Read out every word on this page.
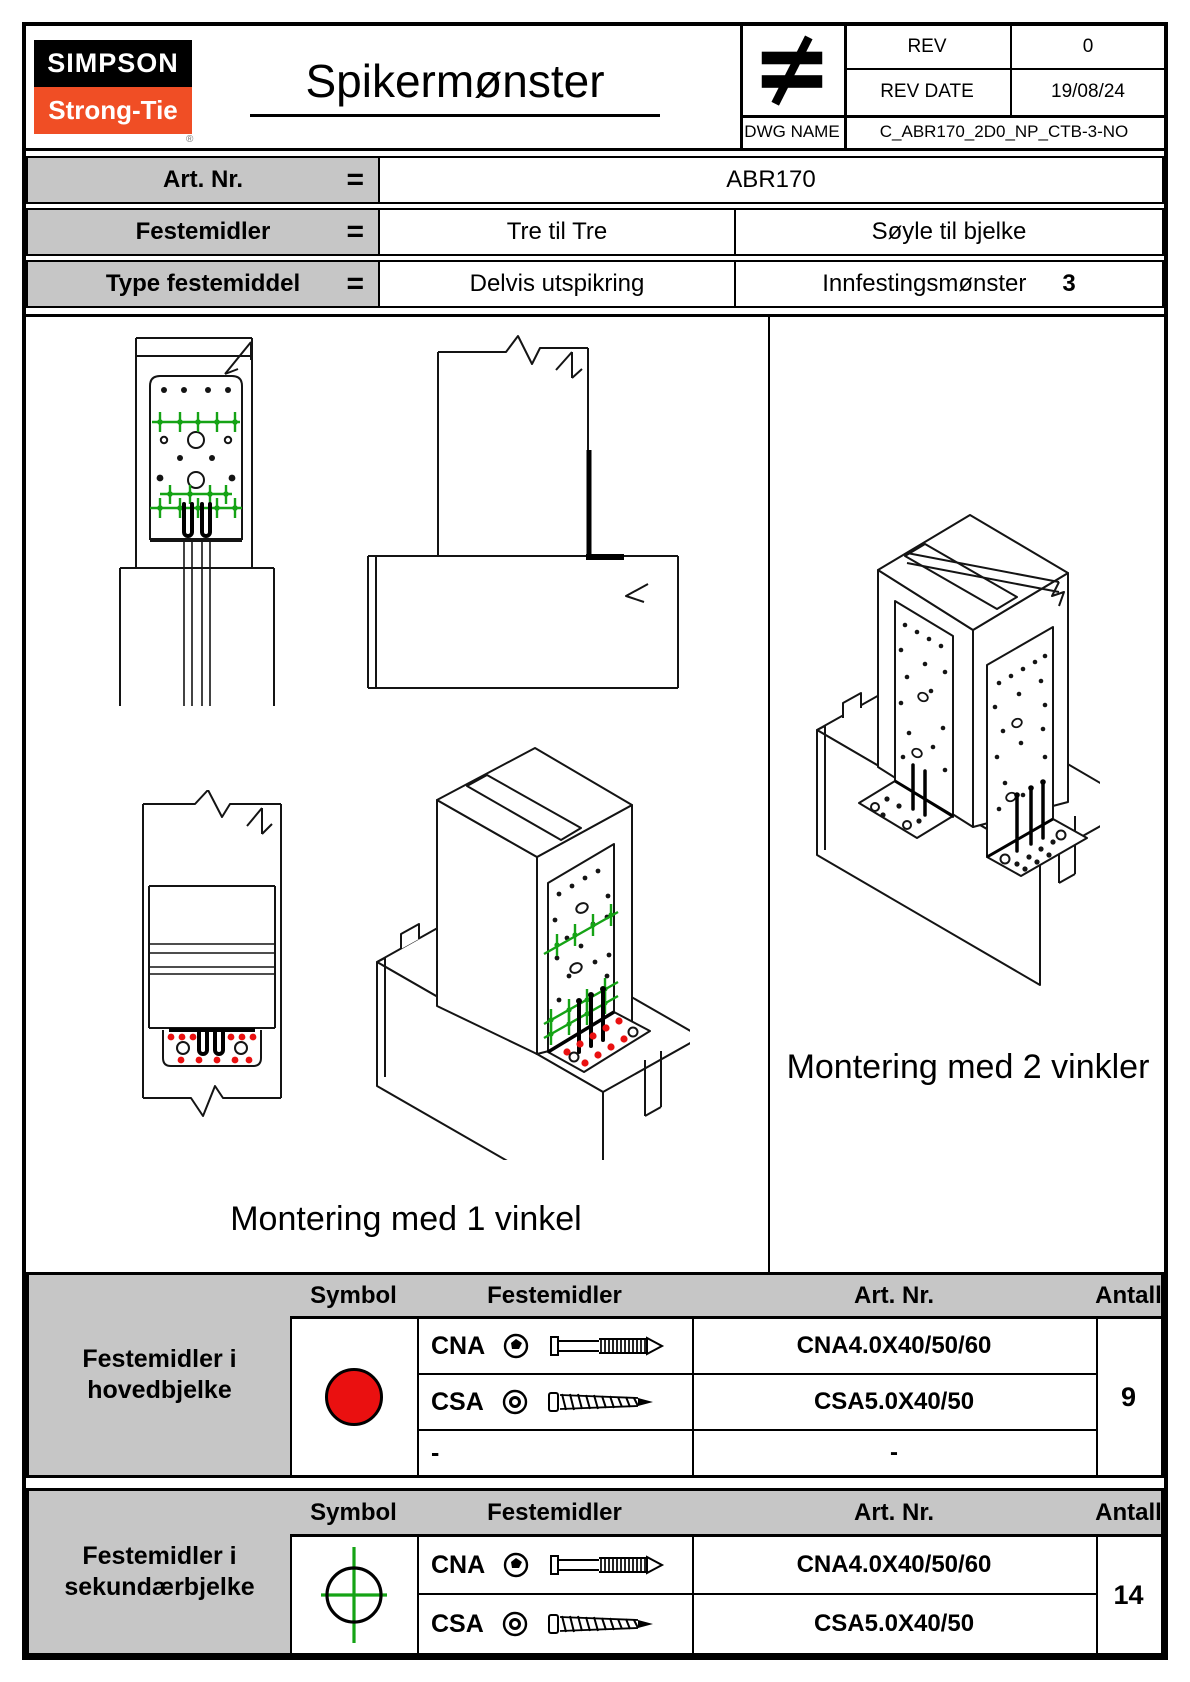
SIMPSON
Strong-Tie
®
Spikermønster
REV	0
REV DATE	19/08/24
DWG NAME	C_ABR170_2D0_NP_CTB-3-NO
Art. Nr.	=	ABR170
Festemidler	=	Tre til Tre	Søyle til bjelke
Type festemiddel =	Delvis utspikring	Innfestingsmønster 3
Montering med 1 vinkel
Montering med 2 vinkler
Festemidler i
hovedbjelke
Symbol	Festemidler	Art. Nr.	Antall
CNA	CNA4.0X40/50/60
CSA	CSA5.0X40/50
-	-
9
Festemidler i
sekundærbjelke
Symbol	Festemidler	Art. Nr.	Antall
CNA	CNA4.0X40/50/60
CSA	CSA5.0X40/50
14
